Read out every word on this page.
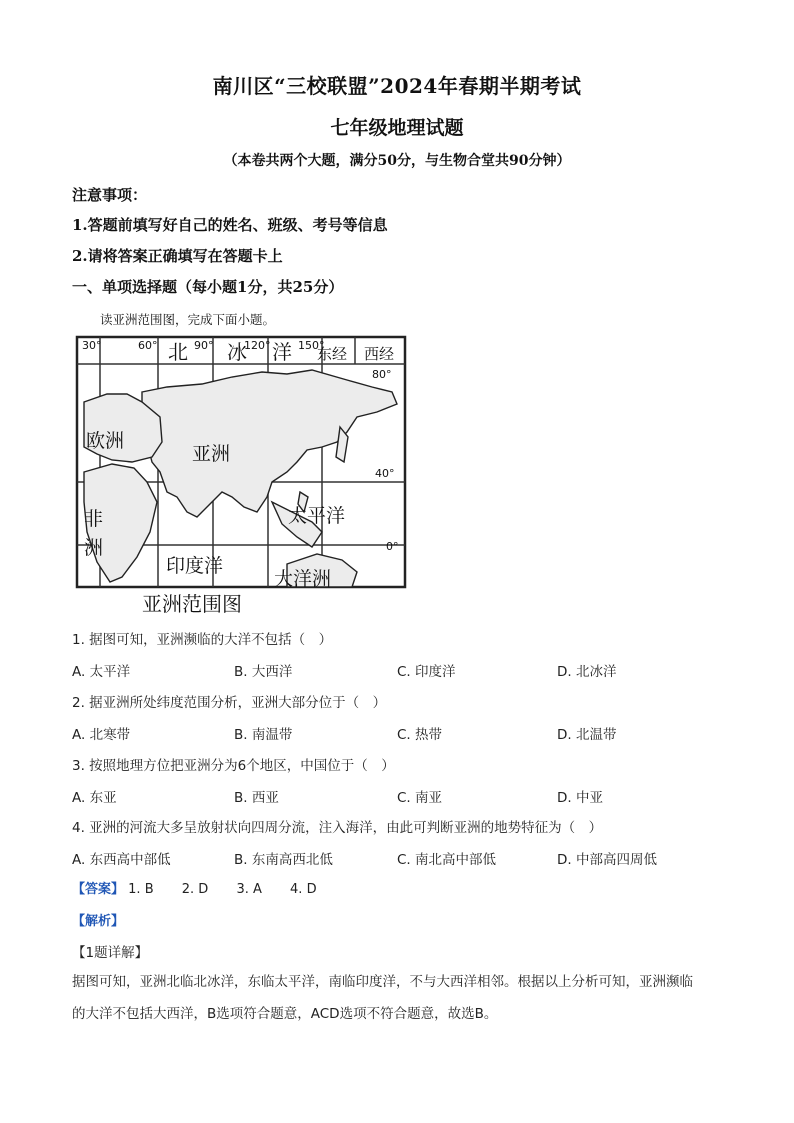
南川区“三校联盟”2024年春期半期考试
七年级地理试题
（本卷共两个大题，满分50分，与生物合堂共90分钟）
注意事项：
1.答题前填写好自己的姓名、班级、考号等信息
2.请将答案正确填写在答题卡上
一、单项选择题（每小题1分，共25分）
读亚洲范围图，完成下面小题。
30°	60° 北 90° 冰
120° 洋 150°
东经 西经
80°
40°
0°
欧洲
亚洲
非
洲
太平洋
印度洋
大洋洲
亚洲范围图
1. 据图可知，亚洲濒临的大洋不包括（　）
A. 太平洋	B. 大西洋	C. 印度洋	D. 北冰洋
2. 据亚洲所处纬度范围分析，亚洲大部分位于（　）
A. 北寒带	B. 南温带	C. 热带	D. 北温带
3. 按照地理方位把亚洲分为6个地区，中国位于（　）
A. 东亚	B. 西亚	C. 南亚	D. 中亚
4. 亚洲的河流大多呈放射状向四周分流，注入海洋，由此可判断亚洲的地势特征为（　）
A. 东西高中部低	B. 东南高西北低	C. 南北高中部低	D. 中部高四周低
【答案】 1. B 2. D 3. A 4. D
【解析】
【1题详解】
据图可知，亚洲北临北冰洋，东临太平洋，南临印度洋，不与大西洋相邻。根据以上分析可知，亚洲濒临
的大洋不包括大西洋，B选项符合题意，ACD选项不符合题意，故选B。
